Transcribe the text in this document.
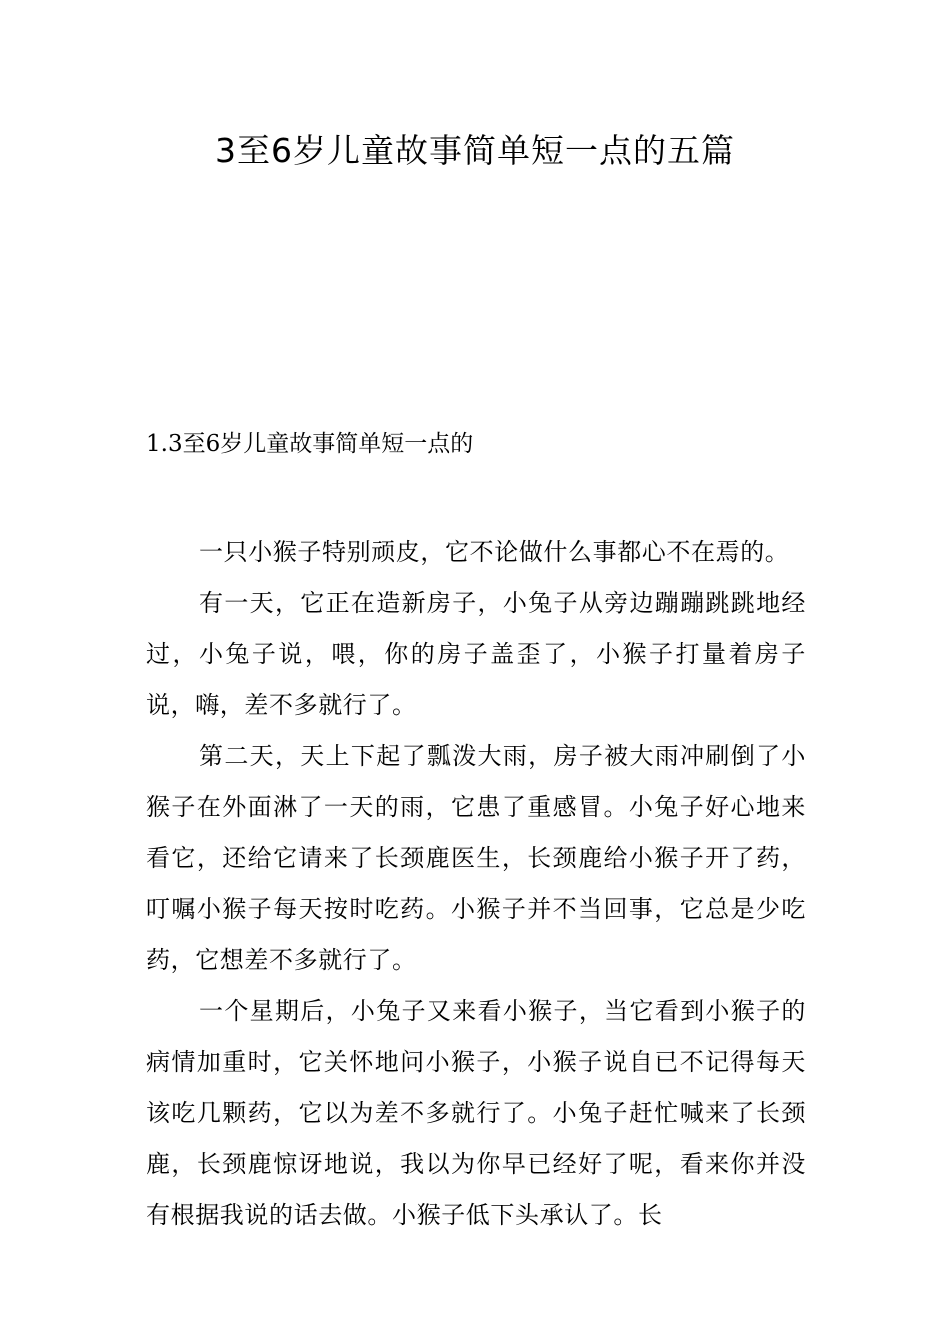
3至6岁儿童故事简单短一点的五篇
1.3至6岁儿童故事简单短一点的

一只小猴子特别顽皮，它不论做什么事都心不在焉的。

有一天，它正在造新房子，小兔子从旁边蹦蹦跳跳地经过，小兔子说，喂，你的房子盖歪了，小猴子打量着房子说，嗨，差不多就行了。

第二天，天上下起了瓢泼大雨，房子被大雨冲刷倒了小猴子在外面淋了一天的雨，它患了重感冒。小兔子好心地来看它，还给它请来了长颈鹿医生，长颈鹿给小猴子开了药，叮嘱小猴子每天按时吃药。小猴子并不当回事，它总是少吃药，它想差不多就行了。

一个星期后，小兔子又来看小猴子，当它看到小猴子的病情加重时，它关怀地问小猴子，小猴子说自已不记得每天该吃几颗药，它以为差不多就行了。小兔子赶忙喊来了长颈鹿，长颈鹿惊讶地说，我以为你早已经好了呢，看来你并没有根据我说的话去做。小猴子低下头承认了。长
